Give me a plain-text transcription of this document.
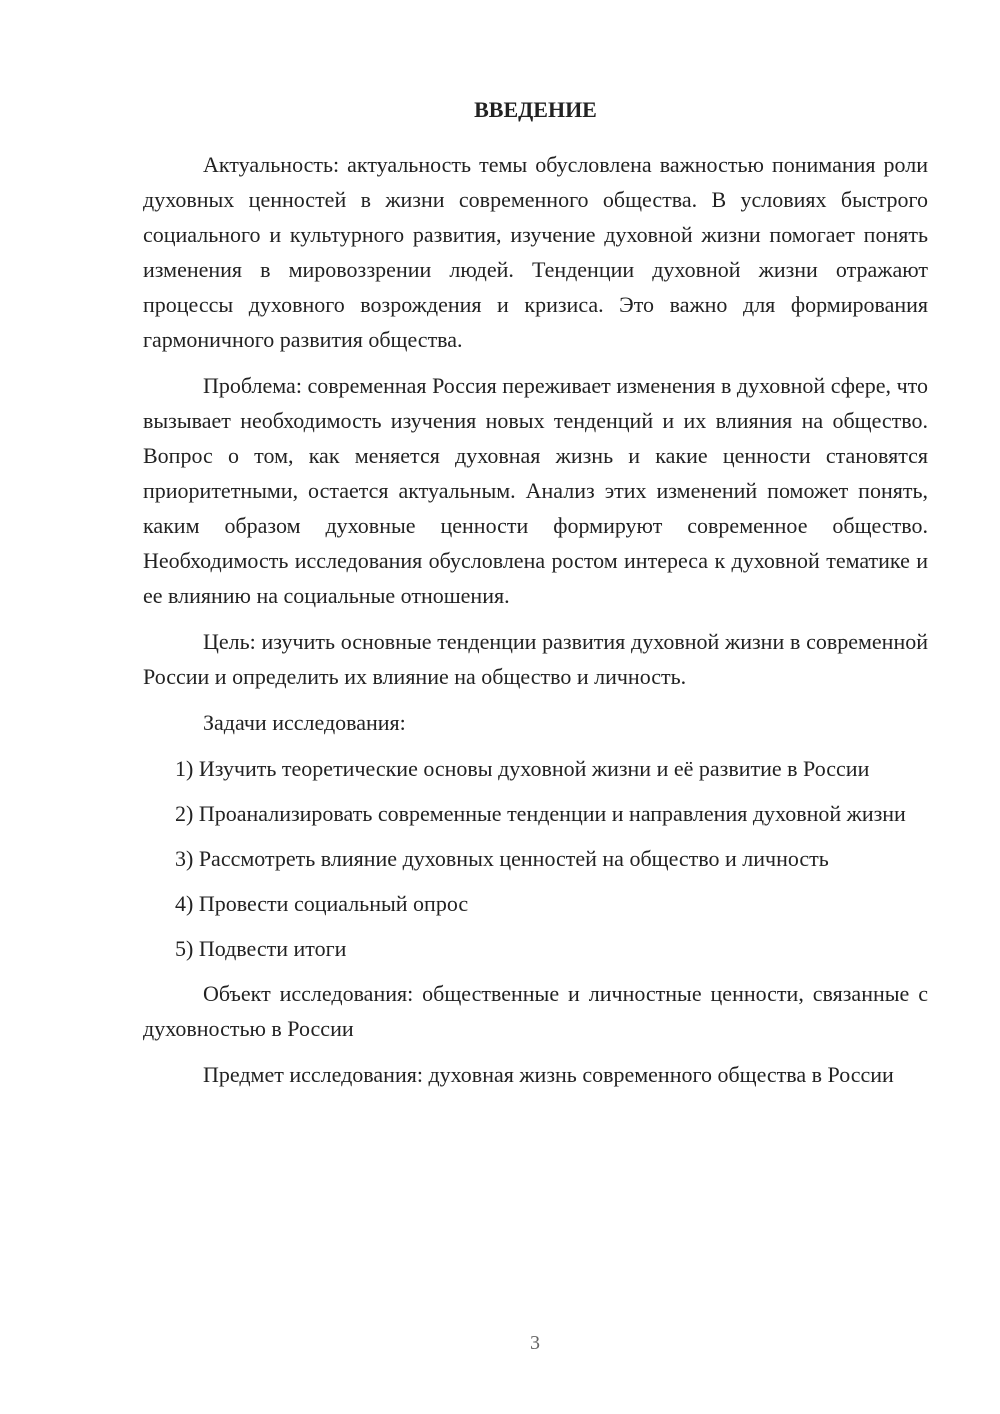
ВВЕДЕНИЕ

Актуальность: актуальность темы обусловлена важностью понимания роли духовных ценностей в жизни современного общества. В условиях быстрого социального и культурного развития, изучение духовной жизни помогает понять изменения в мировоззрении людей. Тенденции духовной жизни отражают процессы духовного возрождения и кризиса. Это важно для формирования гармоничного развития общества.

Проблема: современная Россия переживает изменения в духовной сфере, что вызывает необходимость изучения новых тенденций и их влияния на общество. Вопрос о том, как меняется духовная жизнь и какие ценности становятся приоритетными, остается актуальным. Анализ этих изменений поможет понять, каким образом духовные ценности формируют современное общество. Необходимость исследования обусловлена ростом интереса к духовной тематике и ее влиянию на социальные отношения.

Цель: изучить основные тенденции развития духовной жизни в современной России и определить их влияние на общество и личность.

Задачи исследования:

1) Изучить теоретические основы духовной жизни и её развитие в России

2) Проанализировать современные тенденции и направления духовной жизни

3) Рассмотреть влияние духовных ценностей на общество и личность

4) Провести социальный опрос

5) Подвести итоги

Объект исследования: общественные и личностные ценности, связанные с духовностью в России

Предмет исследования: духовная жизнь современного общества в России

3
